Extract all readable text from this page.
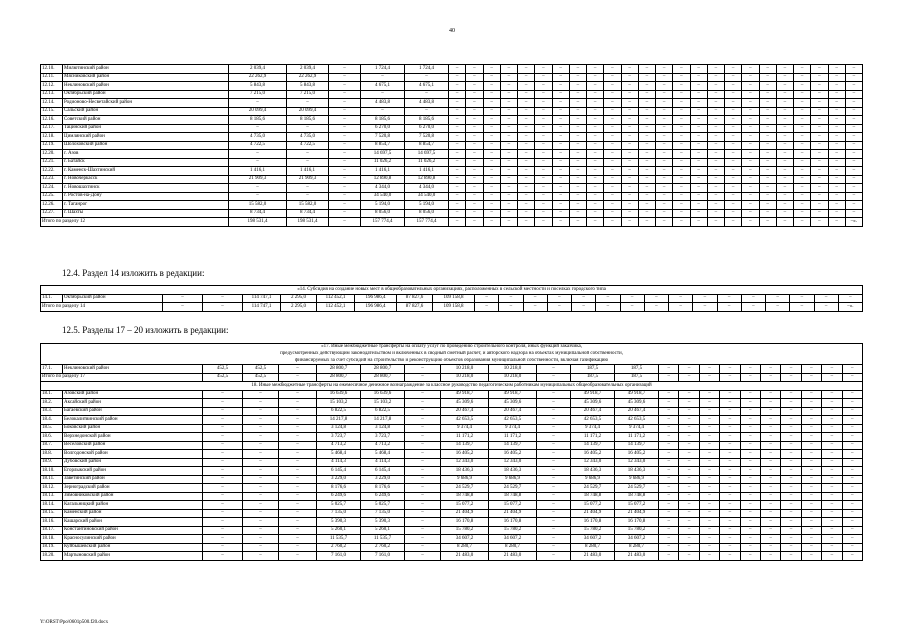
40
12.10.	Милютинский район	2 039,4	2 039,4	–	1 724,4	1 724,4	–	–	–	–	–	–	–	–	–	–	–	–	–	–	–	–	–	–	–	–	–	–	–	–
12.11.	Мясниковский район	22 262,9	22 262,9	–	–	–	–	–	–	–	–	–	–	–	–	–	–	–	–	–	–	–	–	–	–	–	–	–	–	–
12.12.	Неклиновский район	5 843,8	5 843,8	–	4 675,1	4 675,1	–	–	–	–	–	–	–	–	–	–	–	–	–	–	–	–	–	–	–	–	–	–	–	–
12.13.	Октябрьский район	7 215,0	7 215,0	–	–	–	–	–	–	–	–	–	–	–	–	–	–	–	–	–	–	–	–	–	–	–	–	–	–	–
12.14.	Родионово-Несветайский район	–	–	–	4 483,8	4 483,8	–	–	–	–	–	–	–	–	–	–	–	–	–	–	–	–	–	–	–	–	–	–	–	–
12.15.	Сальский район	20 099,4	20 099,4	–	–	–	–	–	–	–	–	–	–	–	–	–	–	–	–	–	–	–	–	–	–	–	–	–	–	–
12.16.	Советский район	8 185,6	8 185,6	–	8 185,6	8 185,6	–	–	–	–	–	–	–	–	–	–	–	–	–	–	–	–	–	–	–	–	–	–	–	–
12.17.	Тацинский район	–	–	–	6 270,0	6 270,0	–	–	–	–	–	–	–	–	–	–	–	–	–	–	–	–	–	–	–	–	–	–	–	–
12.18.	Цимлянский район	4 735,0	4 735,0	–	7 520,8	7 520,8	–	–	–	–	–	–	–	–	–	–	–	–	–	–	–	–	–	–	–	–	–	–	–	–
12.19.	Шолоховский район	4 722,5	4 722,5	–	8 854,7	8 854,7	–	–	–	–	–	–	–	–	–	–	–	–	–	–	–	–	–	–	–	–	–	–	–	–
12.20.	г. Азов	–	–	–	14 697,5	14 697,5	–	–	–	–	–	–	–	–	–	–	–	–	–	–	–	–	–	–	–	–	–	–	–	–
12.21.	г. Батайск	–	–	–	11 026,2	11 026,2	–	–	–	–	–	–	–	–	–	–	–	–	–	–	–	–	–	–	–	–	–	–	–	–
12.22.	г. Каменск-Шахтинский	1 416,1	1 416,1	–	1 416,1	1 416,1	–	–	–	–	–	–	–	–	–	–	–	–	–	–	–	–	–	–	–	–	–	–	–	–
12.23.	г. Новочеркасск	21 909,3	21 909,3	–	12 890,8	12 890,8	–	–	–	–	–	–	–	–	–	–	–	–	–	–	–	–	–	–	–	–	–	–	–	–
12.24.	г. Новошахтинск	–	–	–	4 344,0	4 344,0	–	–	–	–	–	–	–	–	–	–	–	–	–	–	–	–	–	–	–	–	–	–	–	–
12.25.	г. Ростов-на-Дону	–	–	–	34 540,0	34 540,0	–	–	–	–	–	–	–	–	–	–	–	–	–	–	–	–	–	–	–	–	–	–	–	–
12.26.	г. Таганрог	15 582,0	15 582,0	–	5 194,0	5 194,0	–	–	–	–	–	–	–	–	–	–	–	–	–	–	–	–	–	–	–	–	–	–	–	–
12.27.	г. Шахты	8 734,4	8 734,4	–	8 056,0	8 056,0	–	–	–	–	–	–	–	–	–	–	–	–	–	–	–	–	–	–	–	–	–	–	–	–
Итого по разделу 12		198 531,4	198 531,4	–	157 774,4	157 774,4	–	–	–	–	–	–	–	–	–	–	–	–	–	–	–	–	–	–	–	–	–	–	–	–».
12.4. Раздел 14 изложить в редакции:
«14. Субсидия на создание новых мест в общеобразовательных организациях, расположенных в сельской местности и поселках городского типа																									
14.1.	Октябрьский район	–	–	114 747,1	2 295,0	112 452,1	196 986,4	87 827,6	109 158,8	–	–	–	–	–	–	–	–	–	–	–	–	–	–	–	–
Итого по разделу 14		–	–	114 747,1	2 295,0	112 452,1	196 986,4	87 827,6	109 158,8	–	–	–	–	–	–	–	–	–	–	–	–	–	–	–	–».
12.5. Разделы 17 – 20 изложить в редакции:
«17. Иные межбюджетные трансферты на оплату услуг по проведению строительного контроля, иных функций заказчика,																						
предусмотренных действующим законодательством и включенных в сводный сметный расчет, и авторского надзора на объектах муниципальной собственности,																						
финансируемых за счет субсидий на строительство и реконструкцию объектов образования муниципальной собственности, включая газификацию																						
17.1.	Неклиновский район	452,5	452,5	–	28 800,7	28 800,7	–	10 218,0	10 218,0	–	187,5	187,5	–	–	–	–	–	–	–	–	–	–
Итого по разделу 17		452,5	452,5	–	28 800,7	28 800,7	–	10 218,0	10 218,0	–	187,5	187,5	–	–	–	–	–	–	–	–	–	–
18. Иные межбюджетные трансферты на ежемесячное денежное вознаграждение за классное руководство педагогическим работникам муниципальных общеобразовательных организаций																						
18.1.	Азовский район	–	–	–	16 639,6	16 639,6	–	49 918,7	49 918,7	–	49 918,7	49 918,7	–	–	–	–	–	–	–	–	–	–
18.2.	Аксайский район	–	–	–	15 103,2	15 103,2	–	45 309,6	45 309,6	–	45 309,6	45 309,6	–	–	–	–	–	–	–	–	–	–
18.3.	Багаевский район	–	–	–	6 822,5	6 822,5	–	20 467,4	20 467,4	–	20 467,4	20 467,4	–	–	–	–	–	–	–	–	–	–
18.4.	Белокалитвинский район	–	–	–	14 217,8	14 217,8	–	42 653,5	42 653,5	–	42 653,5	42 653,5	–	–	–	–	–	–	–	–	–	–
18.5.	Боковский район	–	–	–	3 124,8	3 124,8	–	9 374,4	9 374,4	–	9 374,4	9 374,4	–	–	–	–	–	–	–	–	–	–
18.6.	Верхнедонской район	–	–	–	3 723,7	3 723,7	–	11 171,2	11 171,2	–	11 171,2	11 171,2	–	–	–	–	–	–	–	–	–	–
18.7.	Веселовский район	–	–	–	4 713,2	4 713,2	–	14 139,7	14 139,7	–	14 139,7	14 139,7	–	–	–	–	–	–	–	–	–	–
18.8.	Волгодонской район	–	–	–	5 468,4	5 468,4	–	16 405,2	16 405,2	–	16 405,2	16 405,2	–	–	–	–	–	–	–	–	–	–
18.9.	Дубовский район	–	–	–	4 114,3	4 114,3	–	12 343,0	12 343,0	–	12 343,0	12 343,0	–	–	–	–	–	–	–	–	–	–
18.10.	Егорлыкский район	–	–	–	6 145,4	6 145,4	–	18 436,3	18 436,3	–	18 436,3	18 436,3	–	–	–	–	–	–	–	–	–	–
18.11.	Заветинский район	–	–	–	3 229,0	3 229,0	–	9 686,9	9 686,9	–	9 686,9	9 686,9	–	–	–	–	–	–	–	–	–	–
18.12.	Зерноградский район	–	–	–	8 176,6	8 176,6	–	24 529,7	24 529,7	–	24 529,7	24 529,7	–	–	–	–	–	–	–	–	–	–
18.13.	Зимовниковский район	–	–	–	6 249,6	6 249,6	–	18 748,8	18 748,8	–	18 748,8	18 748,8	–	–	–	–	–	–	–	–	–	–
18.14.	Кагальницкий район	–	–	–	5 025,7	5 025,7	–	15 077,2	15 077,2	–	15 077,2	15 077,2	–	–	–	–	–	–	–	–	–	–
18.15.	Каменский район	–	–	–	7 135,0	7 135,0	–	21 404,9	21 404,9	–	21 404,9	21 404,9	–	–	–	–	–	–	–	–	–	–
18.16.	Кашарский район	–	–	–	5 390,3	5 390,3	–	16 170,8	16 170,8	–	16 170,8	16 170,8	–	–	–	–	–	–	–	–	–	–
18.17.	Константиновский район	–	–	–	5 260,1	5 260,1	–	15 780,2	15 780,2	–	15 780,2	15 780,2	–	–	–	–	–	–	–	–	–	–
18.18.	Красносулинский район	–	–	–	11 535,7	11 535,7	–	34 607,2	34 607,2	–	34 607,2	34 607,2	–	–	–	–	–	–	–	–	–	–
18.19.	Куйбышевский район	–	–	–	2 760,2	2 760,2	–	8 280,7	8 280,7	–	8 280,7	8 280,7	–	–	–	–	–	–	–	–	–	–
18.20.	Мартыновский район	–	–	–	7 161,0	7 161,0	–	21 483,0	21 483,0	–	21 483,0	21 483,0	–	–	–	–	–	–	–	–	–	–
Y:\ORST\Ppo\0601p500.f20.docx
